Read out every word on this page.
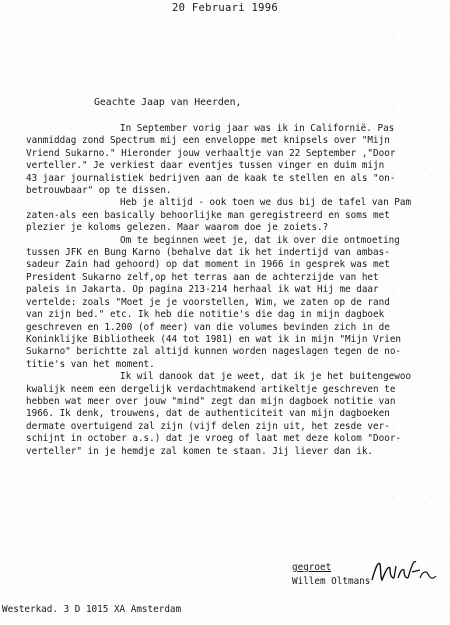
20 Februari 1996
Geachte Jaap van Heerden,
In September vorig jaar was ik in Californië. Pas
vanmiddag zond Spectrum mij een enveloppe met knipsels over "Mijn
Vriend Sukarno." Hieronder jouw verhaaltje van 22 September ,"Door
verteller." Je verkiest daar eventjes tussen vinger en duim mijn
43 jaar journalistiek bedrijven aan de kaak te stellen en als "on-
betrouwbaar" op te dissen.
Heb je altijd - ook toen we dus bij de tafel van Pam
zaten-als een basically behoorlijke man geregistreerd en soms met
plezier je koloms gelezen. Maar waarom doe je zoiets.?
Om te beginnen weet je, dat ik over die ontmoeting
tussen JFK en Bung Karno (behalve dat ik het indertijd van ambas-
sadeur Zain had gehoord) op dat moment in 1966 in gesprek was met
President Sukarno zelf,op het terras aan de achterzijde van het
paleis in Jakarta. Op pagina 213-214 herhaal ik wat Hij me daar
vertelde: zoals "Moet je je voorstellen, Wim, we zaten op de rand
van zijn bed." etc. Ik heb die notitie's die dag in mijn dagboek
geschreven en 1.200 (of meer) van die volumes bevinden zich in de
Koninklijke Bibliotheek (44 tot 1981) en wat ik in mijn "Mijn Vrien
Sukarno" berichtte zal altijd kunnen worden nageslagen tegen de no-
titie's van het moment.
Ik wil danook dat je weet, dat ik je het buitengewoo
kwalijk neem een dergelijk verdachtmakend artikeltje geschreven te
hebben wat meer over jouw "mind" zegt dan mijn dagboek notitie van
1966. Ik denk, trouwens, dat de authenticiteit van mijn dagboeken
dermate overtuigend zal zijn (vijf delen zijn uit, het zesde ver-
schijnt in october a.s.) dat je vroeg of laat met deze kolom "Door-
verteller" in je hemdje zal komen te staan. Jij liever dan ik.
gegroet
Willem Oltmans
Westerkad. 3 D 1015 XA Amsterdam
